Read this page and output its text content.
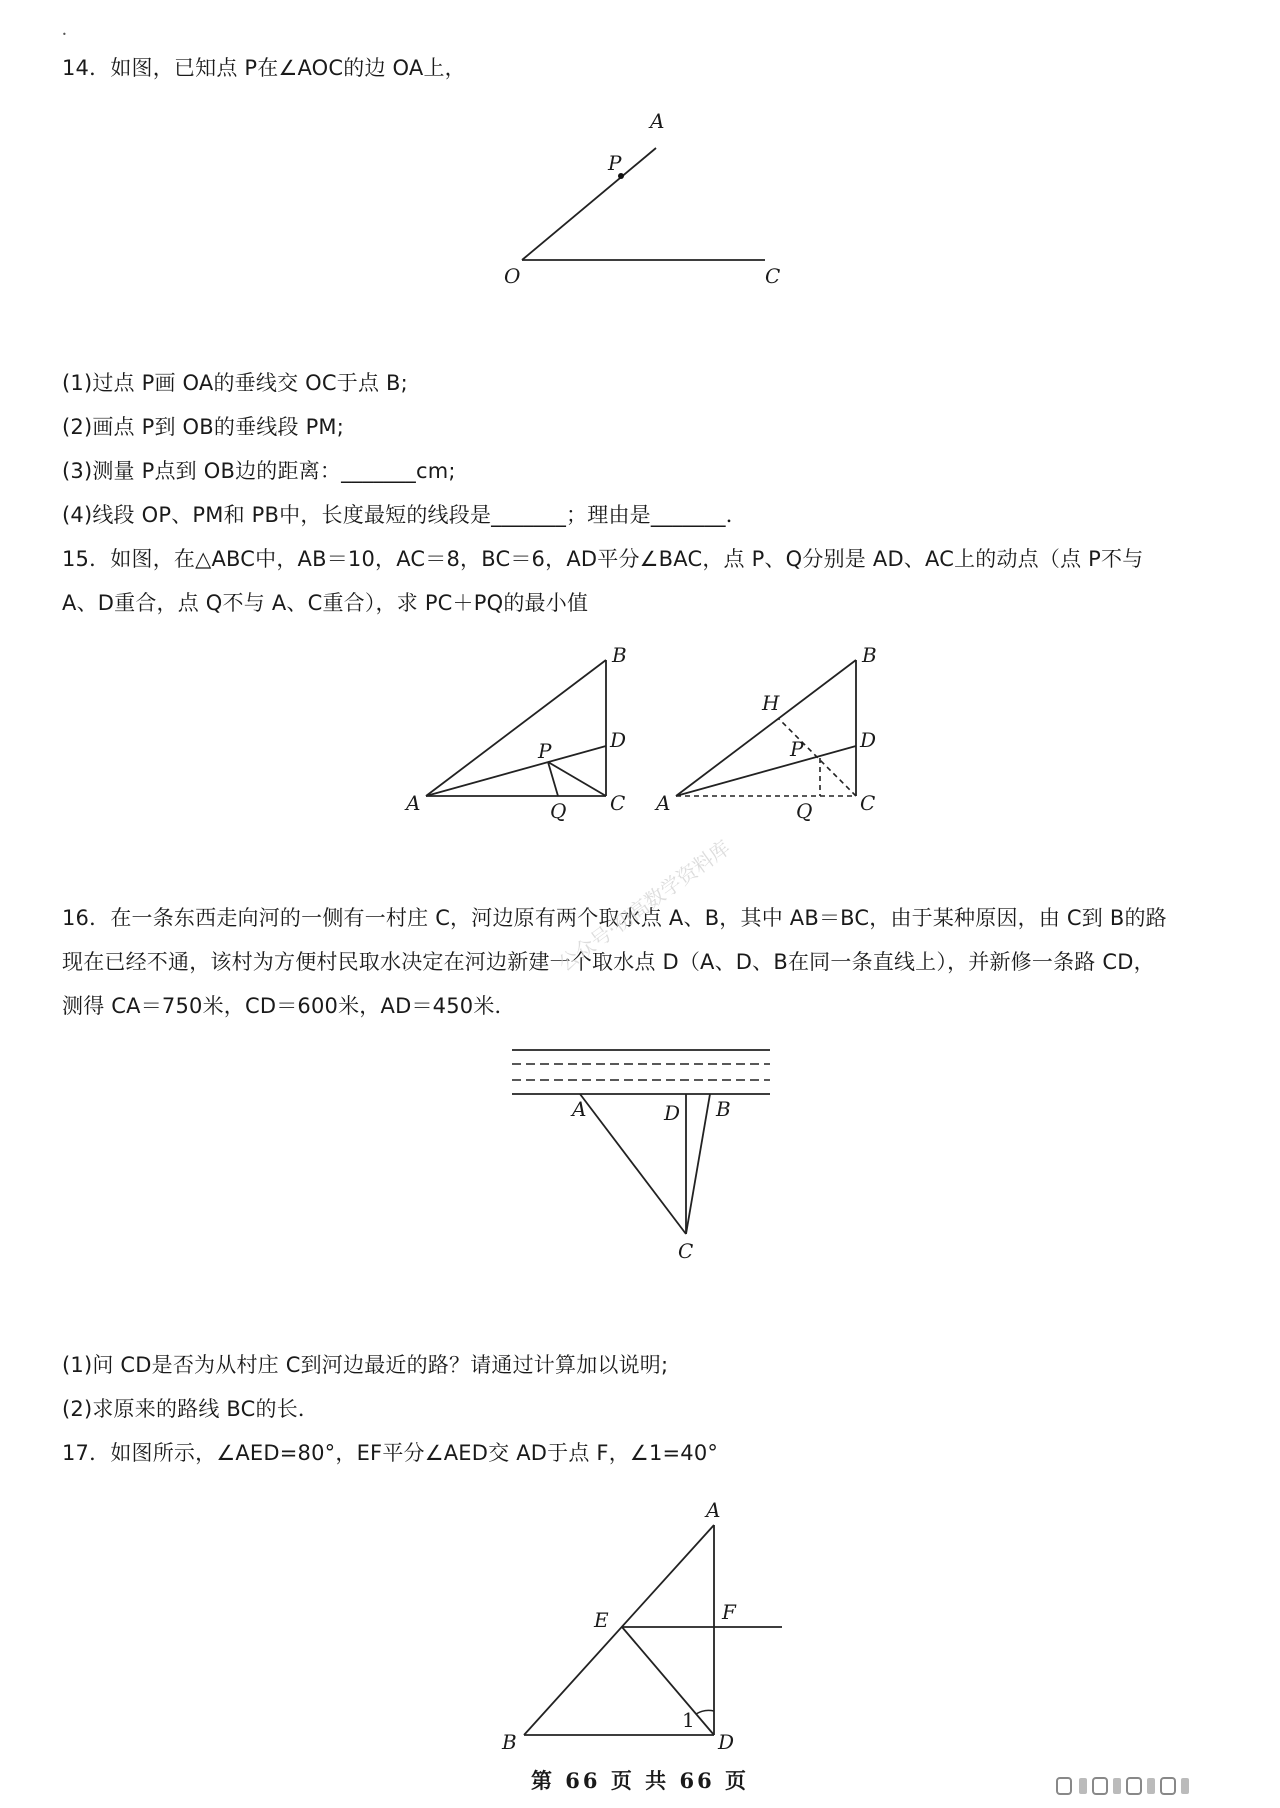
•
14．如图，已知点 P在∠AOC的边 OA上，
(1)过点 P画 OA的垂线交 OC于点 B;
(2)画点 P到 OB的垂线段 PM;
(3)测量 P点到 OB边的距离：_______cm;
(4)线段 OP、PM和 PB中，长度最短的线段是_______；理由是_______．
15．如图，在△ABC中，AB＝10，AC＝8，BC＝6，AD平分∠BAC，点 P、Q分别是 AD、AC上的动点（点 P不与
A、D重合，点 Q不与 A、C重合），求 PC＋PQ的最小值
16．在一条东西走向河的一侧有一村庄 C，河边原有两个取水点 A、B，其中 AB＝BC，由于某种原因，由 C到 B的路
现在已经不通，该村为方便村民取水决定在河边新建一个取水点 D（A、D、B在同一条直线上），并新修一条路 CD，
测得 CA＝750米，CD＝600米，AD＝450米．
(1)问 CD是否为从村庄 C到河边最近的路？请通过计算加以说明;
(2)求原来的路线 BC的长．
17．如图所示，∠AED=80°，EF平分∠AED交 AD于点 F，∠1=40°
A
P
O	C
A
B
C
D
P
Q	A
B
C
D
H
P
Q
A	D B
C
A
E	F
B	D
1
公众号·初高数学资料库
第 66 页 共 66 页
